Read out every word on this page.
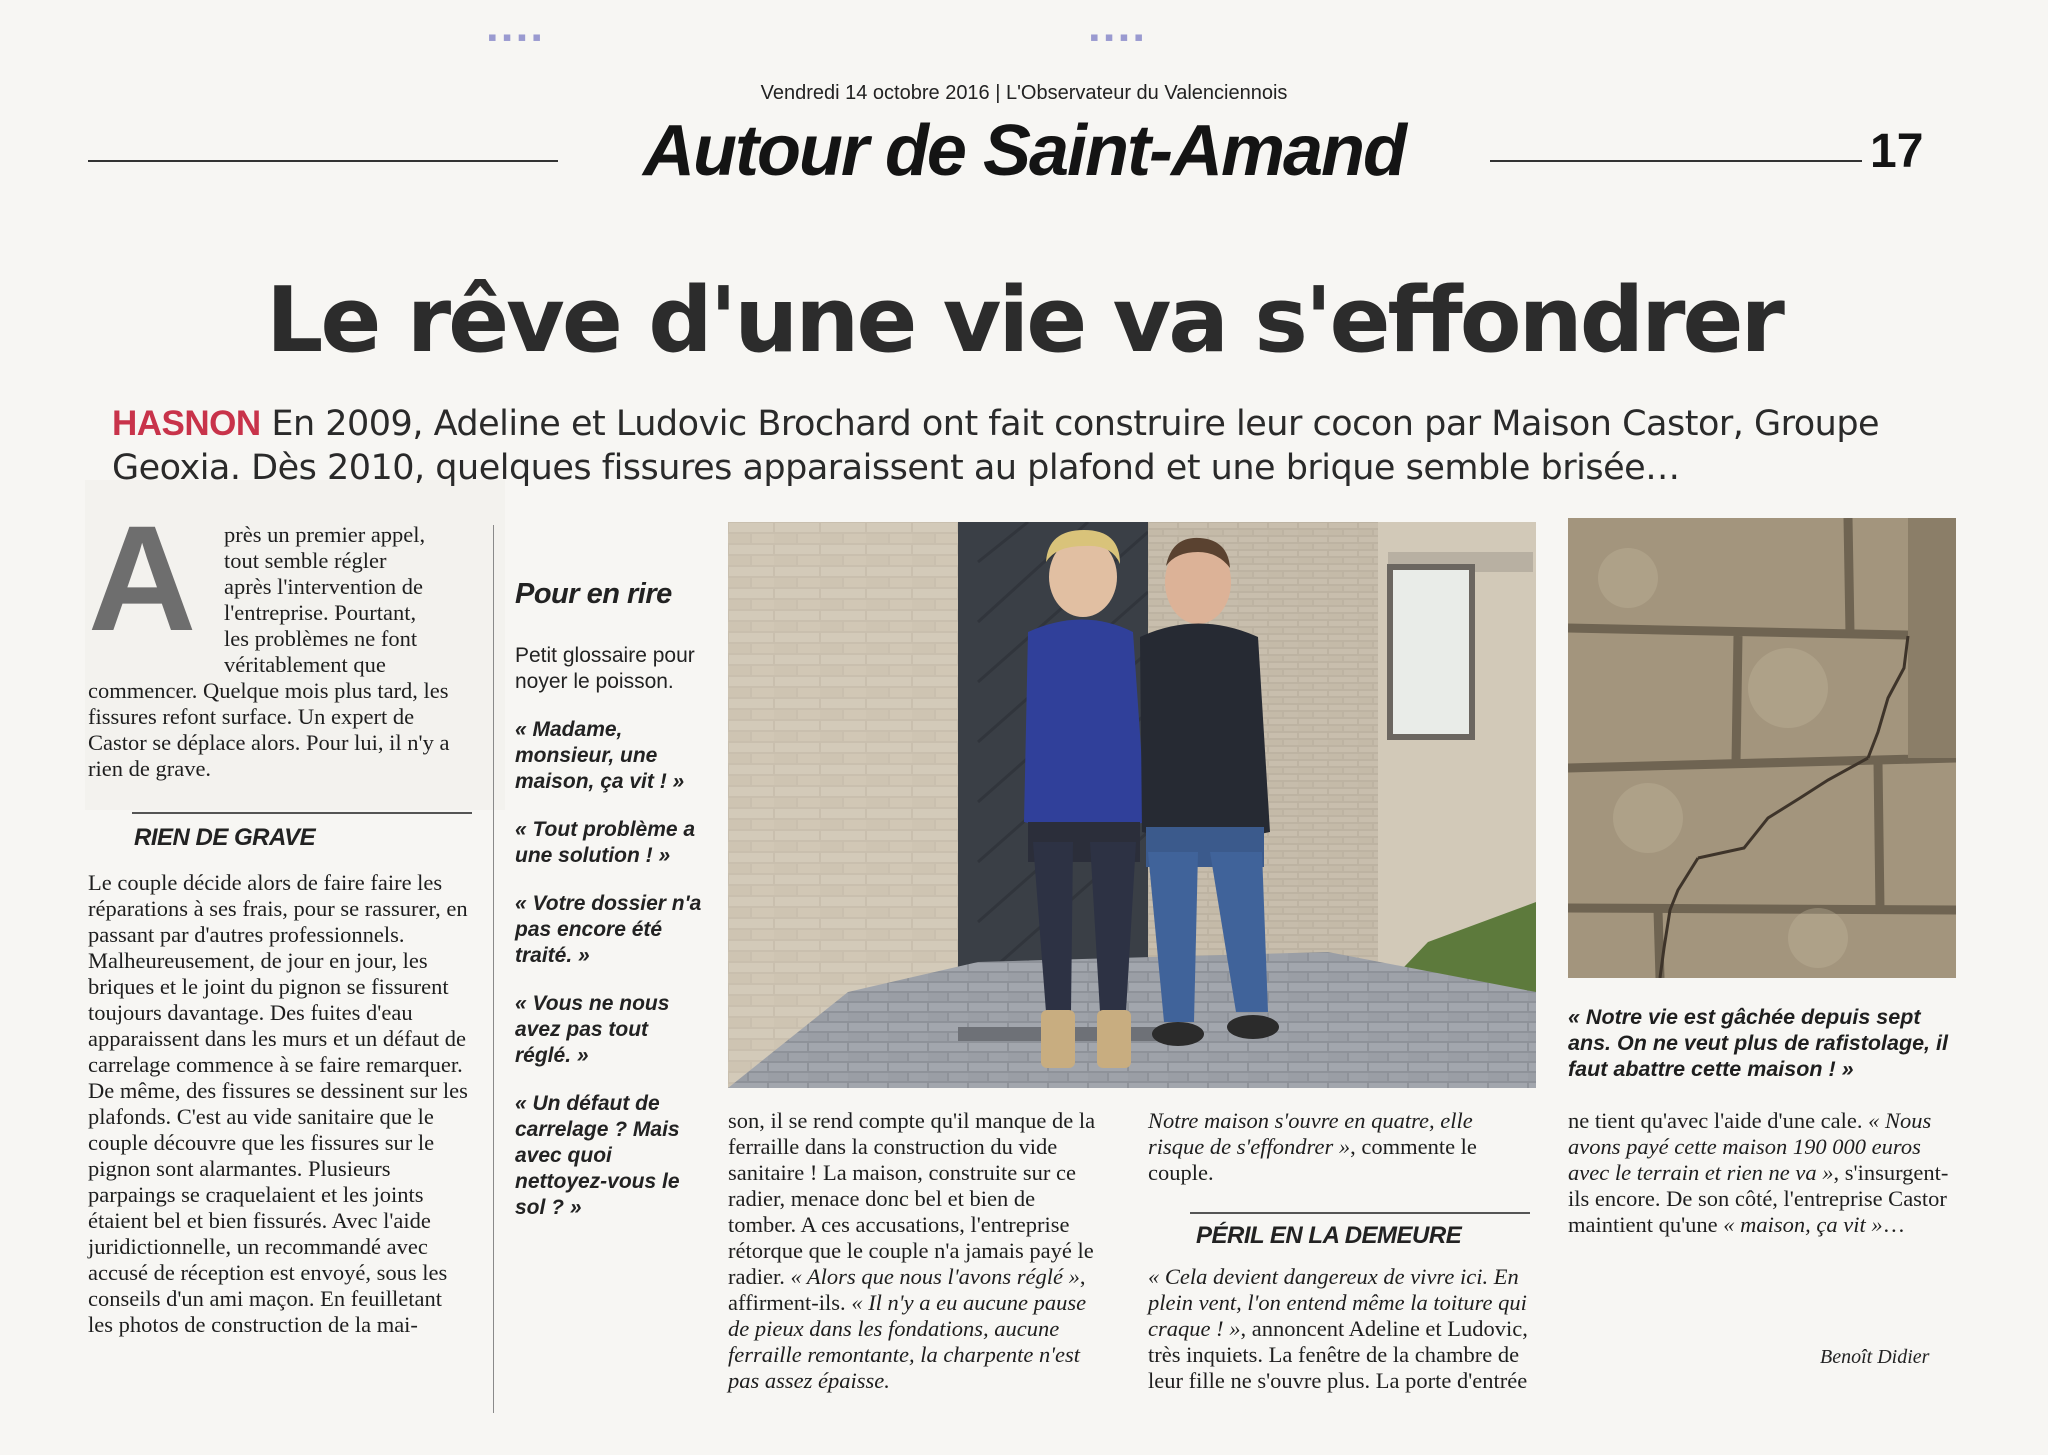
▪▪▪▪	▪▪▪▪
Vendredi 14 octobre 2016 | L'Observateur du Valenciennois
Autour de Saint-Amand	17
Le rêve d'une vie va s'effondrer
HASNON En 2009, Adeline et Ludovic Brochard ont fait construire leur cocon par Maison Castor, Groupe Geoxia. Dès 2010, quelques fissures apparaissent au plafond et une brique semble brisée…
A près un premier appel,
tout semble régler
après l'intervention de
l'entreprise. Pourtant,
les problèmes ne font
véritablement que
commencer. Quelque mois plus tard, les fissures refont surface. Un expert de Castor se déplace alors. Pour lui, il n'y a rien de grave.
RIEN DE GRAVE
Le couple décide alors de faire faire les réparations à ses frais, pour se rassurer, en passant par d'autres professionnels. Malheureusement, de jour en jour, les briques et le joint du pignon se fissurent toujours davantage. Des fuites d'eau apparaissent dans les murs et un défaut de carrelage commence à se faire remarquer. De même, des fissures se dessinent sur les plafonds. C'est au vide sanitaire que le couple découvre que les fissures sur le pignon sont alarmantes. Plusieurs parpaings se craquelaient et les joints étaient bel et bien fissurés. Avec l'aide juridictionnelle, un recommandé avec accusé de réception est envoyé, sous les conseils d'un ami maçon. En feuilletant les photos de construction de la mai-
Pour en rire

Petit glossaire pour noyer le poisson.

« Madame, monsieur, une maison, ça vit ! »

« Tout problème a une solution ! »

« Votre dossier n'a pas encore été traité. »

« Vous ne nous avez pas tout réglé. »

« Un défaut de carrelage ? Mais avec quoi nettoyez-vous le sol ? »

« Notre vie est gâchée depuis sept ans. On ne veut plus de rafistolage, il faut abattre cette maison ! »
son, il se rend compte qu'il manque de la ferraille dans la construction du vide sanitaire ! La maison, construite sur ce radier, menace donc bel et bien de tomber. A ces accusations, l'entreprise rétorque que le couple n'a jamais payé le radier. « Alors que nous l'avons réglé », affirment-ils. « Il n'y a eu aucune pause de pieux dans les fondations, aucune ferraille remontante, la charpente n'est pas assez épaisse.
Notre maison s'ouvre en quatre, elle risque de s'effondrer », commente le couple.
PÉRIL EN LA DEMEURE
« Cela devient dangereux de vivre ici. En plein vent, l'on entend même la toiture qui craque ! », annoncent Adeline et Ludovic, très inquiets. La fenêtre de la chambre de leur fille ne s'ouvre plus. La porte d'entrée
ne tient qu'avec l'aide d'une cale. « Nous avons payé cette maison 190 000 euros avec le terrain et rien ne va », s'insurgent-ils encore. De son côté, l'entreprise Castor maintient qu'une « maison, ça vit »…
Benoît Didier
